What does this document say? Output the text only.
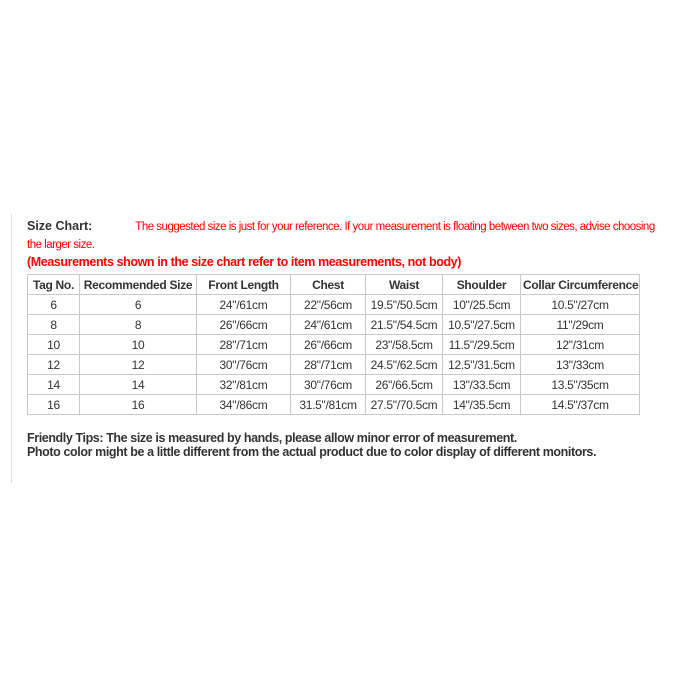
Size Chart:	The suggested size is just for your reference. If your measurement is floating between two sizes, advise choosing
the larger size.

(Measurements shown in the size chart refer to item measurements, not body)

Tag No.	Recommended Size	Front Length	Chest	Waist	Shoulder	Collar Circumference
6	6	24"/61cm	22"/56cm	19.5"/50.5cm	10"/25.5cm	10.5"/27cm
8	8	26"/66cm	24"/61cm	21.5"/54.5cm	10.5"/27.5cm	11"/29cm
10	10	28"/71cm	26"/66cm	23"/58.5cm	11.5"/29.5cm	12"/31cm
12	12	30"/76cm	28"/71cm	24.5"/62.5cm	12.5"/31.5cm	13"/33cm
14	14	32"/81cm	30"/76cm	26"/66.5cm	13"/33.5cm	13.5"/35cm
16	16	34"/86cm	31.5"/81cm	27.5"/70.5cm	14"/35.5cm	14.5"/37cm

Friendly Tips: The size is measured by hands, please allow minor error of measurement.
Photo color might be a little different from the actual product due to color display of different monitors.
